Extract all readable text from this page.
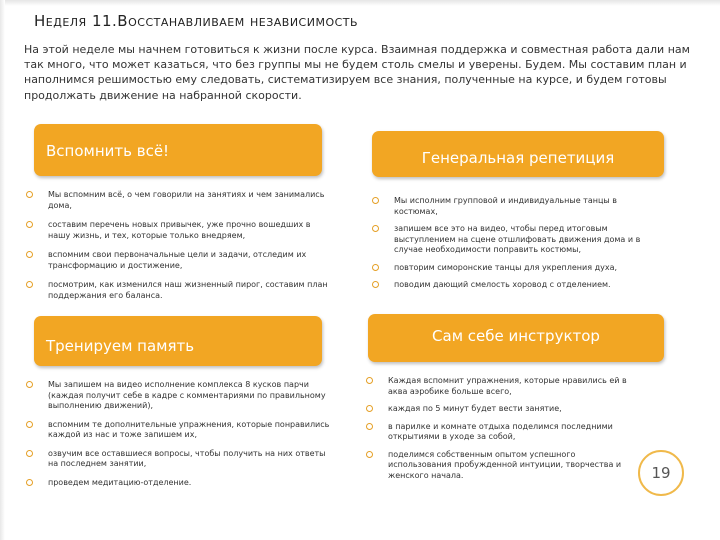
Неделя 11.Восстанавливаем независимость
На этой неделе мы начнем готовиться к жизни после курса. Взаимная поддержка и совместная работа дали нам так много, что может казаться, что без группы мы не будем столь смелы и уверены. Будем. Мы составим план и наполнимся решимостью ему следовать, систематизируем все знания, полученные на курсе, и будем готовы продолжать движение на набранной скорости.
Вспомнить всё!
Мы вспомним всё, о чем говорили на занятиях и чем занимались дома,
составим перечень новых привычек, уже прочно вошедших в нашу жизнь, и тех, которые только внедряем,
вспомним свои первоначальные цели и задачи, отследим их трансформацию и достижение,
посмотрим, как изменился наш жизненный пирог, составим план поддержания его баланса.
Генеральная репетиция
Мы исполним групповой и индивидуальные танцы в костюмах,
запишем все это на видео, чтобы перед итоговым выступлением на сцене отшлифовать движения дома и в случае необходимости поправить костюмы,
повторим симоронские танцы для укрепления духа,
поводим дающий смелость хоровод с отделением.
Тренируем память
Мы запишем на видео исполнение комплекса 8 кусков парчи (каждая получит себе в кадре с комментариями по правильному выполнению движений),
вспомним те дополнительные упражнения, которые понравились каждой из нас и тоже запишем их,
озвучим все оставшиеся вопросы, чтобы получить на них ответы на последнем занятии,
проведем медитацию-отделение.
Сам себе инструктор
Каждая вспомнит упражнения, которые нравились ей в аква аэробике больше всего,
каждая по 5 минут будет вести занятие,
в парилке и комнате отдыха поделимся последними открытиями в уходе за собой,
поделимся собственным опытом успешного использования пробужденной интуиции, творчества и женского начала.	19
